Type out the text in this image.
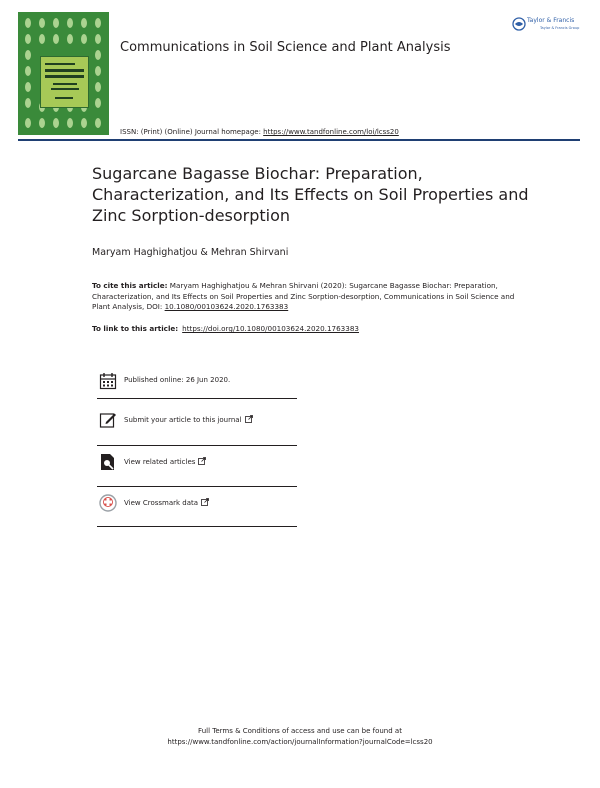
Communications in Soil Science and Plant Analysis
ISSN: (Print) (Online) Journal homepage: https://www.tandfonline.com/loi/lcss20
Taylor & Francis
Taylor & Francis Group
Sugarcane Bagasse Biochar: Preparation, Characterization, and Its Effects on Soil Properties and Zinc Sorption-desorption
Maryam Haghighatjou & Mehran Shirvani
To cite this article: Maryam Haghighatjou & Mehran Shirvani (2020): Sugarcane Bagasse Biochar: Preparation, Characterization, and Its Effects on Soil Properties and Zinc Sorption-desorption, Communications in Soil Science and Plant Analysis, DOI: 10.1080/00103624.2020.1763383
To link to this article: https://doi.org/10.1080/00103624.2020.1763383
Published online: 26 Jun 2020.
Submit your article to this journal
View related articles
View Crossmark data
Full Terms & Conditions of access and use can be found at
https://www.tandfonline.com/action/journalInformation?journalCode=lcss20
